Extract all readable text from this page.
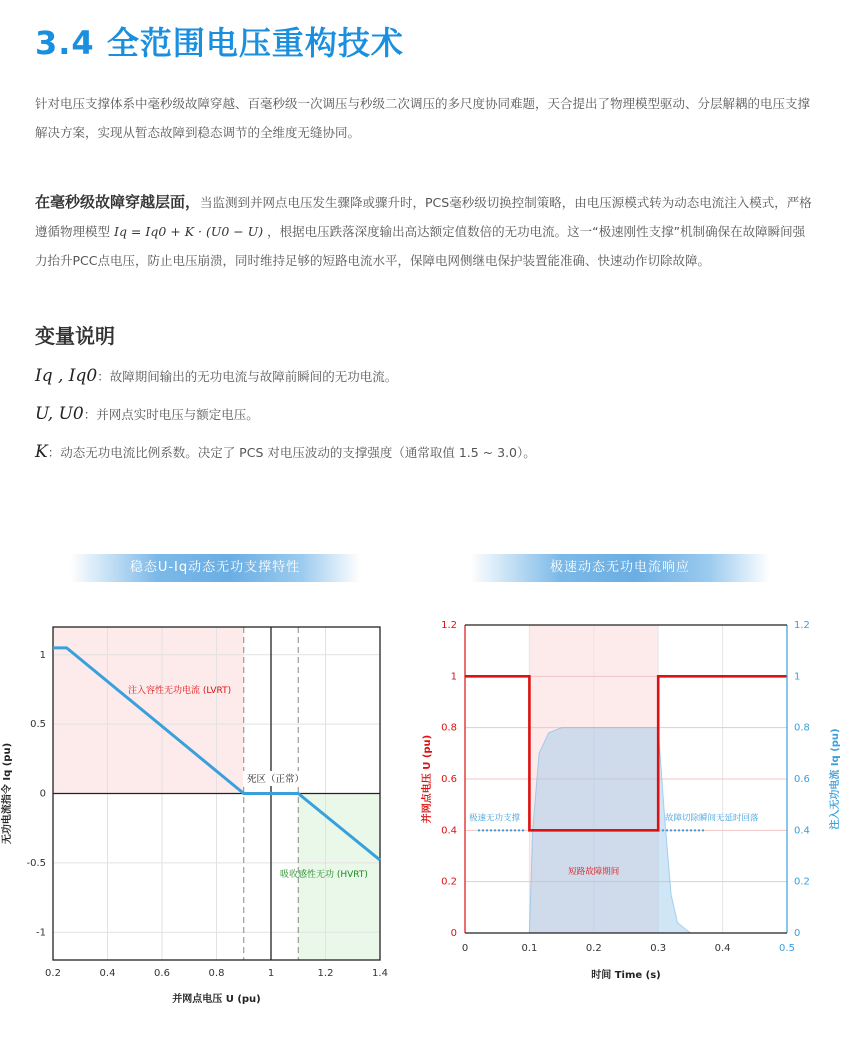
3.4 全范围电压重构技术

针对电压支撑体系中毫秒级故障穿越、百毫秒级一次调压与秒级二次调压的多尺度协同难题，天合提出了物理模型驱动、分层解耦的电压支撑解决方案，实现从暂态故障到稳态调节的全维度无缝协同。

在毫秒级故障穿越层面，当监测到并网点电压发生骤降或骤升时，PCS毫秒级切换控制策略，由电压源模式转为动态电流注入模式，严格遵循物理模型 Iq = Iq0 + K · (U0 − U) ，根据电压跌落深度输出高达额定值数倍的无功电流。这一“极速刚性支撑”机制确保在故障瞬间强力抬升PCC点电压，防止电压崩溃，同时维持足够的短路电流水平，保障电网侧继电保护装置能准确、快速动作切除故障。

变量说明
Iq , Iq0：故障期间输出的无功电流与故障前瞬间的无功电流。
U, U0：并网点实时电压与额定电压。
K：动态无功电流比例系数。决定了 PCS 对电压波动的支撑强度（通常取值 1.5 ~ 3.0）。
稳态U-Iq动态无功支撑特性	极速动态无功电流响应
0.2	0.4	0.6	0.8	1	1.2	1.4
1
0.5
0
-0.5
-1
注入容性无功电流 (LVRT)
死区（正常）
吸收感性无功 (HVRT)
并网点电压 U (pu)
无功电流指令 Iq (pu)
0	0
0.2	0.2
0.4	0.4
0.6	0.6
0.8	0.8
1	1
1.2	1.2
0	0.1	0.2	0.3	0.4	0.5
极速无功支撑	故障切除瞬间无延时回落
短路故障期间
时间 Time (s)
并网点电压 U (pu)	注入无功电流 Iq (pu)
